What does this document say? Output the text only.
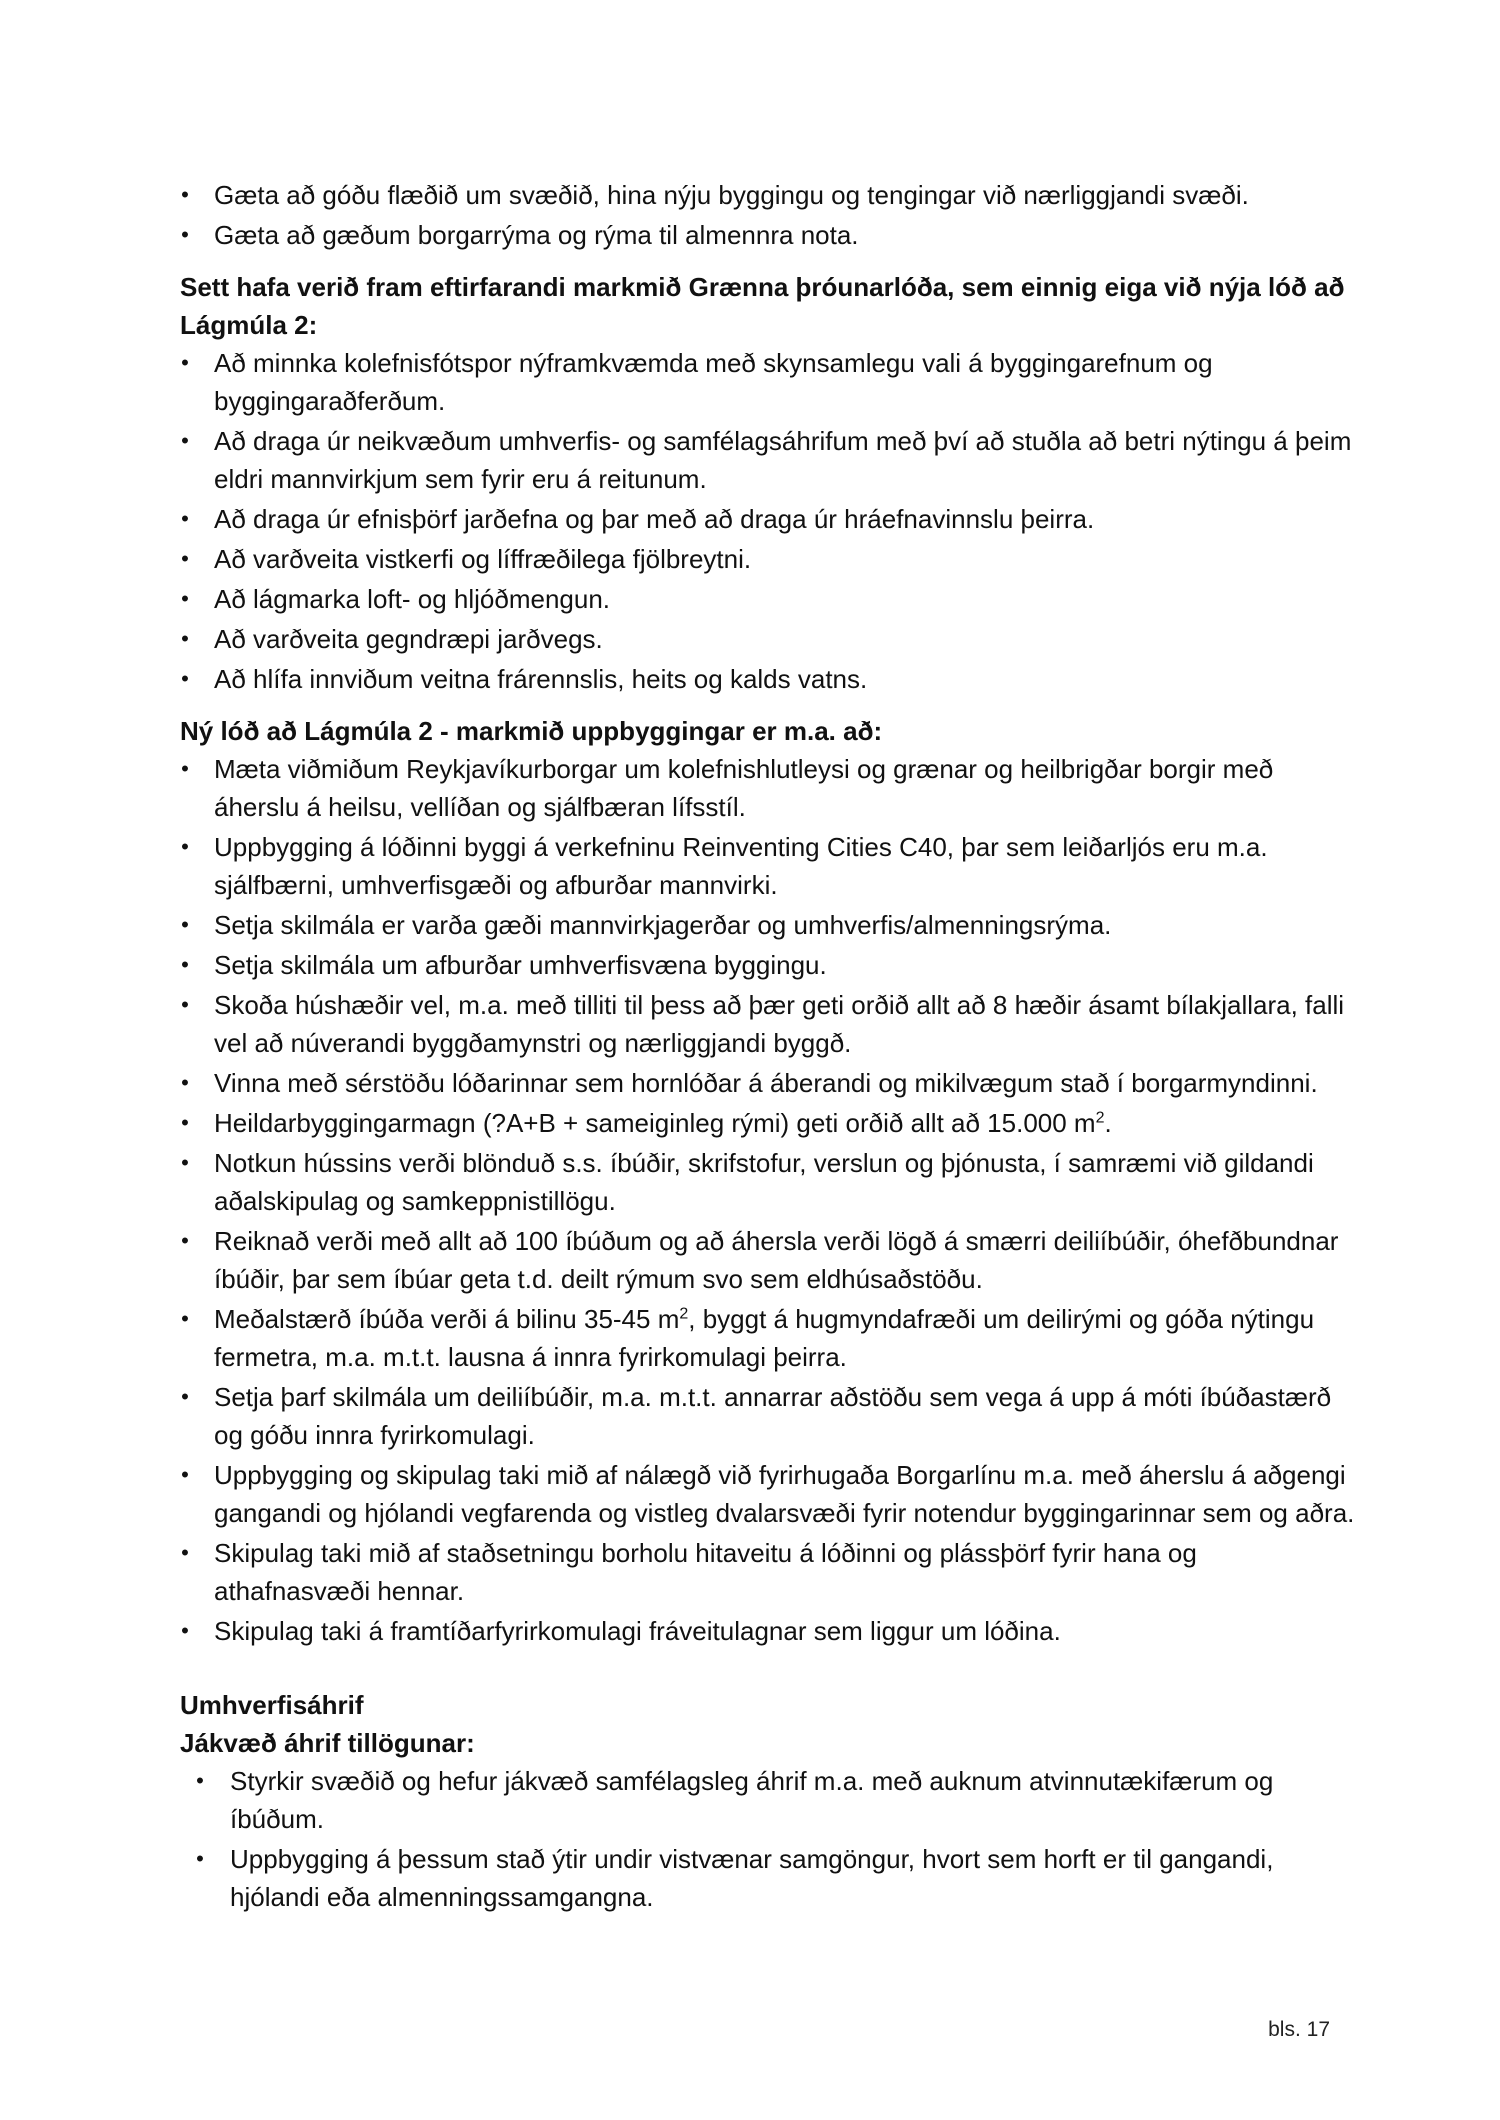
• Gæta að góðu flæðið um svæðið, hina nýju byggingu og tengingar við nærliggjandi svæði.
• Gæta að gæðum borgarrýma og rýma til almennra nota.
Sett hafa verið fram eftirfarandi markmið Grænna þróunarlóða, sem einnig eiga við nýja lóð að Lágmúla 2:
• Að minnka kolefnisfótspor nýframkvæmda með skynsamlegu vali á byggingarefnum og byggingaraðferðum.
• Að draga úr neikvæðum umhverfis- og samfélagsáhrifum með því að stuðla að betri nýtingu á þeim eldri mannvirkjum sem fyrir eru á reitunum.
• Að draga úr efnisþörf jarðefna og þar með að draga úr hráefnavinnslu þeirra.
• Að varðveita vistkerfi og líffræðilega fjölbreytni.
• Að lágmarka loft- og hljóðmengun.
• Að varðveita gegndræpi jarðvegs.
• Að hlífa innviðum veitna frárennslis, heits og kalds vatns.
Ný lóð að Lágmúla 2 - markmið uppbyggingar er m.a. að:
• Mæta viðmiðum Reykjavíkurborgar um kolefnishlutleysi og grænar og heilbrigðar borgir með áherslu á heilsu, vellíðan og sjálfbæran lífsstíl.
• Uppbygging á lóðinni byggi á verkefninu Reinventing Cities C40, þar sem leiðarljós eru m.a. sjálfbærni, umhverfisgæði og afburðar mannvirki.
• Setja skilmála er varða gæði mannvirkjagerðar og umhverfis/almenningsrýma.
• Setja skilmála um afburðar umhverfisvæna byggingu.
• Skoða húshæðir vel, m.a. með tilliti til þess að þær geti orðið allt að 8 hæðir ásamt bílakjallara, falli vel að núverandi byggðamynstri og nærliggjandi byggð.
• Vinna með sérstöðu lóðarinnar sem hornlóðar á áberandi og mikilvægum stað í borgarmyndinni.
• Heildarbyggingarmagn (?A+B + sameiginleg rými) geti orðið allt að 15.000 $m^2$.
• Notkun hússins verði blönduð s.s. íbúðir, skrifstofur, verslun og þjónusta, í samræmi við gildandi aðalskipulag og samkeppnistillögu.
• Reiknað verði með allt að 100 íbúðum og að áhersla verði lögð á smærri deiliíbúðir, óhefðbundnar íbúðir, þar sem íbúar geta t.d. deilt rýmum svo sem eldhúsaðstöðu.
• Meðalstærð íbúða verði á bilinu 35-45 $m^2$, byggt á hugmyndafræði um deilirými og góða nýtingu fermetra, m.a. m.t.t. lausna á innra fyrirkomulagi þeirra.
• Setja þarf skilmála um deiliíbúðir, m.a. m.t.t. annarrar aðstöðu sem vega á upp á móti íbúðastærð og góðu innra fyrirkomulagi.
• Uppbygging og skipulag taki mið af nálægð við fyrirhugaða Borgarlínu m.a. með áherslu á aðgengi gangandi og hjólandi vegfarenda og vistleg dvalarsvæði fyrir notendur byggingarinnar sem og aðra.
• Skipulag taki mið af staðsetningu borholu hitaveitu á lóðinni og plássþörf fyrir hana og athafnasvæði hennar.
• Skipulag taki á framtíðarfyrirkomulagi fráveitulagnar sem liggur um lóðina.
Umhverfisáhrif
Jákvæð áhrif tillögunar:
• Styrkir svæðið og hefur jákvæð samfélagsleg áhrif m.a. með auknum atvinnutækifærum og íbúðum.
• Uppbygging á þessum stað ýtir undir vistvænar samgöngur, hvort sem horft er til gangandi, hjólandi eða almenningssamgangna.
bls. 17
